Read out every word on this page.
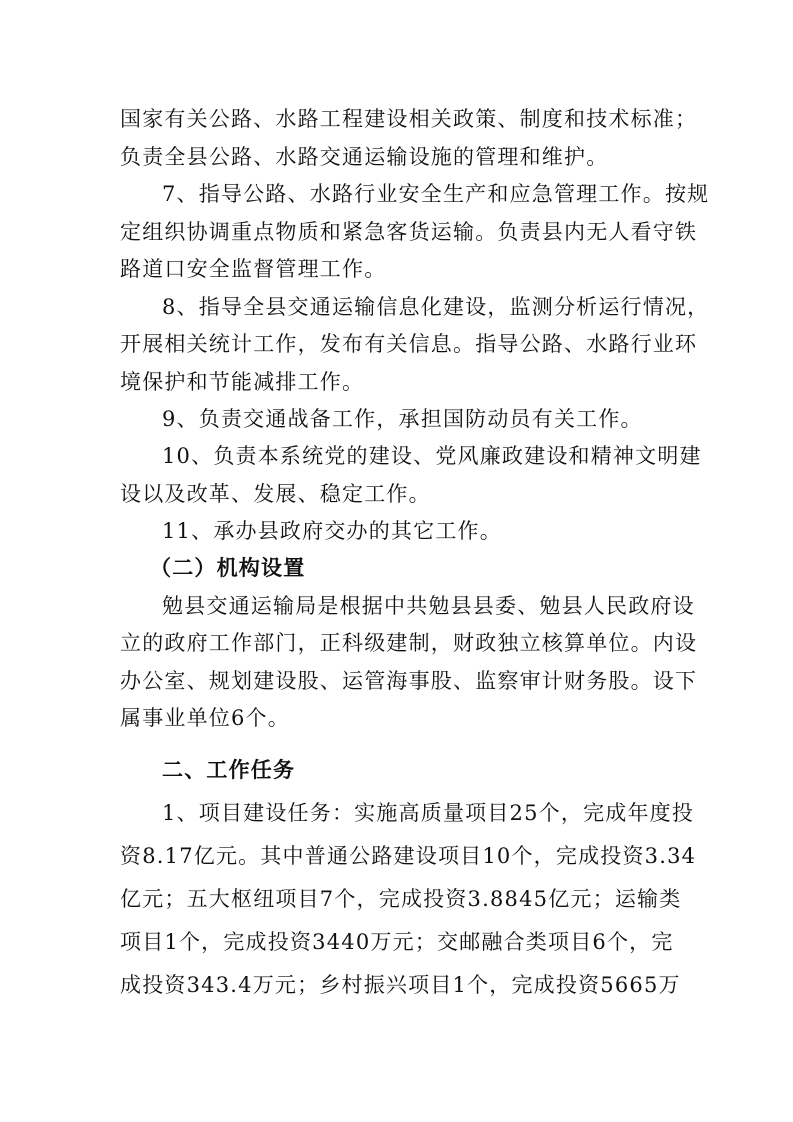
国家有关公路、水路工程建设相关政策、制度和技术标准；
负责全县公路、水路交通运输设施的管理和维护。
7、指导公路、水路行业安全生产和应急管理工作。按规
定组织协调重点物质和紧急客货运输。负责县内无人看守铁
路道口安全监督管理工作。
8、指导全县交通运输信息化建设，监测分析运行情况，
开展相关统计工作，发布有关信息。指导公路、水路行业环
境保护和节能减排工作。
9、负责交通战备工作，承担国防动员有关工作。
10、负责本系统党的建设、党风廉政建设和精神文明建
设以及改革、发展、稳定工作。
11、承办县政府交办的其它工作。
（二）机构设置
勉县交通运输局是根据中共勉县县委、勉县人民政府设
立的政府工作部门，正科级建制，财政独立核算单位。内设
办公室、规划建设股、运管海事股、监察审计财务股。设下
属事业单位6个。
二、工作任务
1、项目建设任务：实施高质量项目25个，完成年度投
资8.17亿元。其中普通公路建设项目10个，完成投资3.34
亿元；五大枢纽项目7个，完成投资3.8845亿元；运输类
项目1个，完成投资3440万元；交邮融合类项目6个，完
成投资343.4万元；乡村振兴项目1个，完成投资5665万
